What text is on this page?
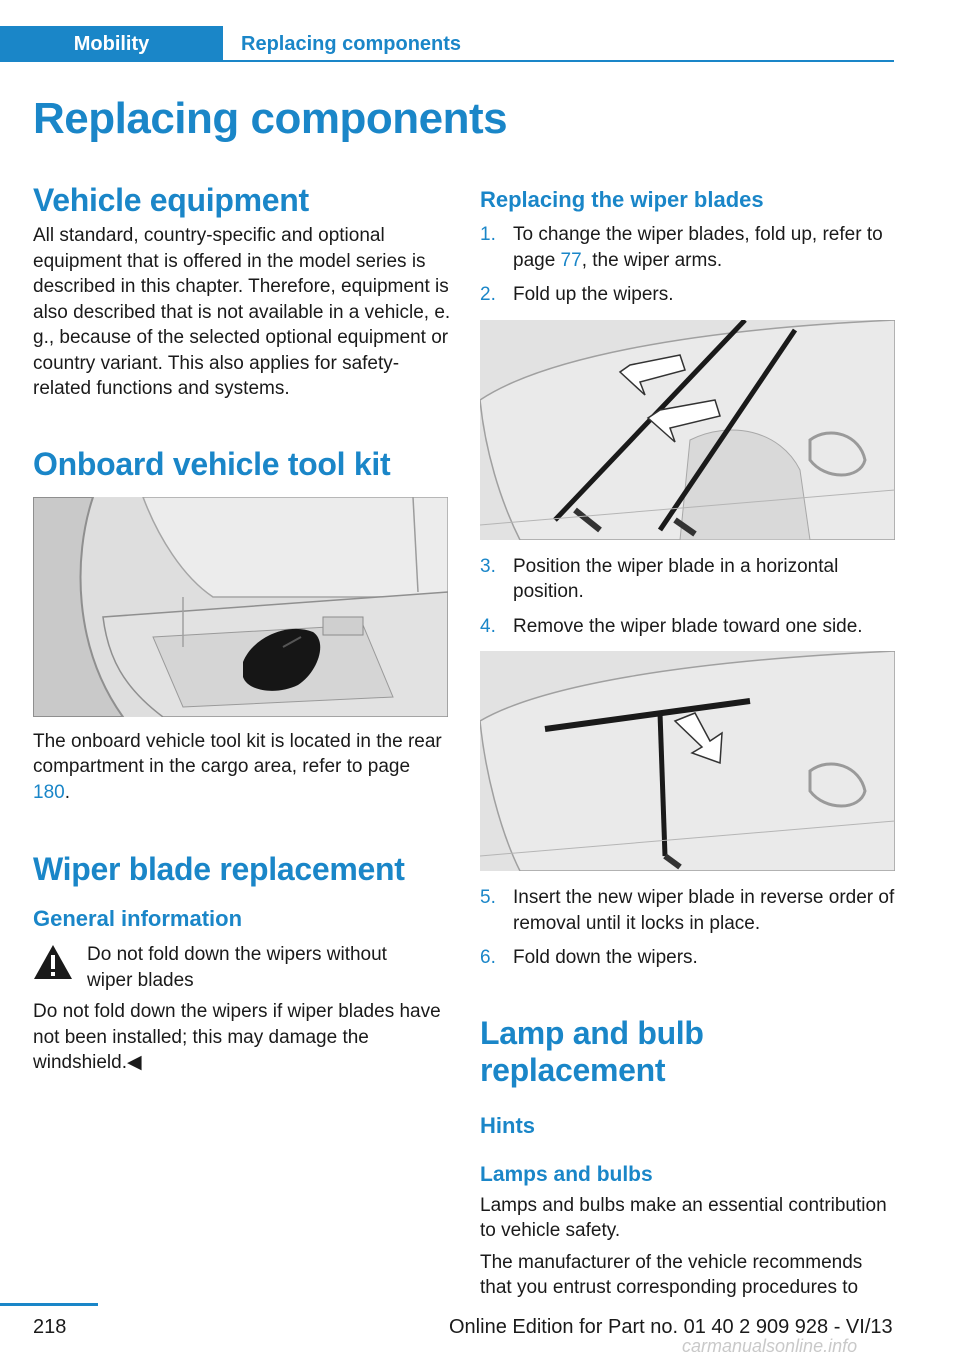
Mobility	Replacing components
Replacing components
Vehicle equipment

All standard, country-specific and optional equipment that is offered in the model series is described in this chapter. Therefore, equipment is also described that is not available in a vehicle, e. g., because of the selected optional equipment or country variant. This also applies for safety-related functions and systems.

Onboard vehicle tool kit

The onboard vehicle tool kit is located in the rear compartment in the cargo area, refer to page 180.

Wiper blade replacement
General information

Do not fold down the wipers without wiper blades

Do not fold down the wipers if wiper blades have not been installed; this may damage the windshield.◀

Replacing the wiper blades
1. To change the wiper blades, fold up, refer to page 77, the wiper arms.
2. Fold up the wipers.
3. Position the wiper blade in a horizontal position.
4. Remove the wiper blade toward one side.
5. Insert the new wiper blade in reverse order of removal until it locks in place.
6. Fold down the wipers.
Lamp and bulb replacement
Hints
Lamps and bulbs

Lamps and bulbs make an essential contribution to vehicle safety.

The manufacturer of the vehicle recommends that you entrust corresponding procedures to

218	Online Edition for Part no. 01 40 2 909 928 - VI/13
carmanualsonline.info
